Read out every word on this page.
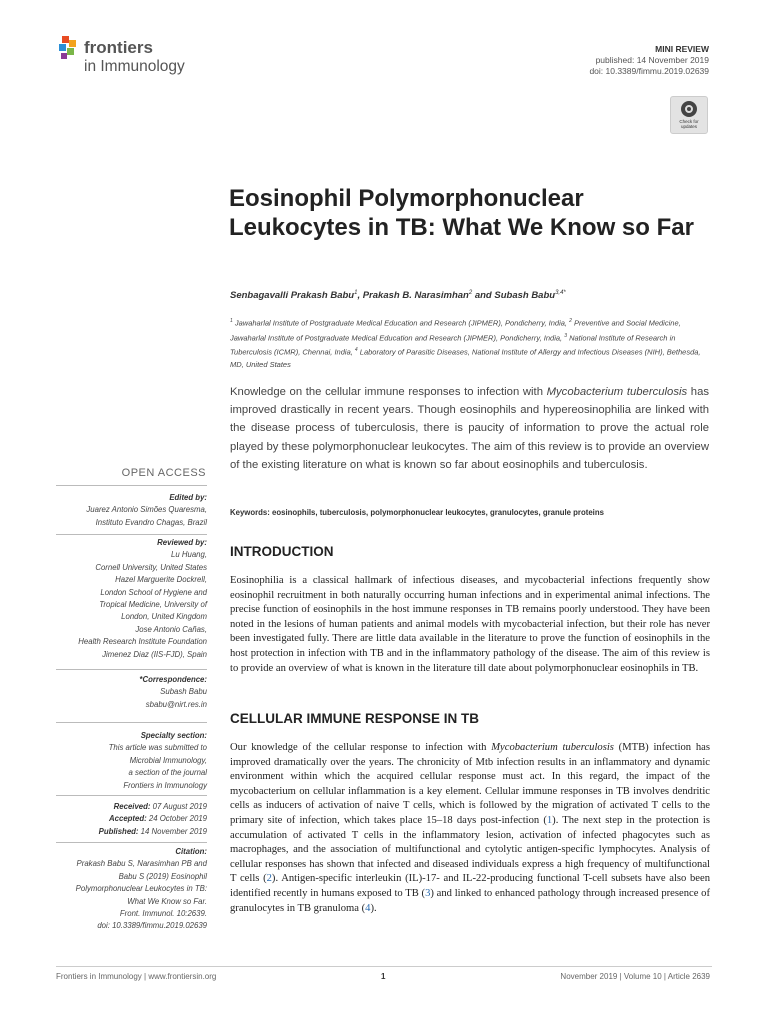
frontiers
in Immunology
MINI REVIEW
published: 14 November 2019
doi: 10.3389/fimmu.2019.02639
Check for updates
Eosinophil Polymorphonuclear Leukocytes in TB: What We Know so Far
Senbagavalli Prakash Babu$^1$, Prakash B. Narasimhan$^2$ and Subash Babu$^{3,4*}$
$^1$ Jawaharlal Institute of Postgraduate Medical Education and Research (JIPMER), Pondicherry, India, $^2$ Preventive and Social Medicine, Jawaharlal Institute of Postgraduate Medical Education and Research (JIPMER), Pondicherry, India, $^3$ National Institute of Research in Tuberculosis (ICMR), Chennai, India, $^4$ Laboratory of Parasitic Diseases, National Institute of Allergy and Infectious Diseases (NIH), Bethesda, MD, United States
Knowledge on the cellular immune responses to infection with Mycobacterium tuberculosis has improved drastically in recent years. Though eosinophils and hypereosinophilia are linked with the disease process of tuberculosis, there is paucity of information to prove the actual role played by these polymorphonuclear leukocytes. The aim of this review is to provide an overview of the existing literature on what is known so far about eosinophils and tuberculosis.
Keywords: eosinophils, tuberculosis, polymorphonuclear leukocytes, granulocytes, granule proteins
INTRODUCTION
Eosinophilia is a classical hallmark of infectious diseases, and mycobacterial infections frequently show eosinophil recruitment in both naturally occurring human infections and in experimental animal infections. The precise function of eosinophils in the host immune responses in TB remains poorly understood. They have been noted in the lesions of human patients and animal models with mycobacterial infection, but their role has never been investigated fully. There are little data available in the literature to prove the function of eosinophils in the host protection in infection with TB and in the inflammatory pathology of the disease. The aim of this review is to provide an overview of what is known in the literature till date about polymorphonuclear eosinophils in TB.
CELLULAR IMMUNE RESPONSE IN TB
Our knowledge of the cellular response to infection with Mycobacterium tuberculosis (MTB) infection has improved dramatically over the years. The chronicity of Mtb infection results in an inflammatory and dynamic environment within which the acquired cellular response must act. In this regard, the impact of the mycobacterium on cellular inflammation is a key element. Cellular immune responses in TB involves dendritic cells as inducers of activation of naive T cells, which is followed by the migration of activated T cells to the primary site of infection, which takes place 15–18 days post-infection (1). The next step in the protection is accumulation of activated T cells in the inflammatory lesion, activation of infected phagocytes such as macrophages, and the association of multifunctional and cytolytic antigen-specific lymphocytes. Analysis of cellular responses has shown that infected and diseased individuals express a high frequency of multifunctional T cells (2). Antigen-specific interleukin (IL)-17- and IL-22-producing functional T-cell subsets have also been identified recently in humans exposed to TB (3) and linked to enhanced pathology through increased presence of granulocytes in TB granuloma (4).
OPEN ACCESS
Edited by:
Juarez Antonio Simões Quaresma,
Instituto Evandro Chagas, Brazil
Reviewed by:
Lu Huang,
Cornell University, United States
Hazel Marguerite Dockrell,
London School of Hygiene and
Tropical Medicine, University of
London, United Kingdom
Jose Antonio Cañas,
Health Research Institute Foundation
Jimenez Diaz (IIS-FJD), Spain
*Correspondence:
Subash Babu
sbabu@nirt.res.in
Specialty section:
This article was submitted to
Microbial Immunology,
a section of the journal
Frontiers in Immunology
Received: 07 August 2019
Accepted: 24 October 2019
Published: 14 November 2019
Citation:
Prakash Babu S, Narasimhan PB and
Babu S (2019) Eosinophil
Polymorphonuclear Leukocytes in TB:
What We Know so Far.
Front. Immunol. 10:2639.
doi: 10.3389/fimmu.2019.02639
Frontiers in Immunology | www.frontiersin.org	1	November 2019 | Volume 10 | Article 2639
